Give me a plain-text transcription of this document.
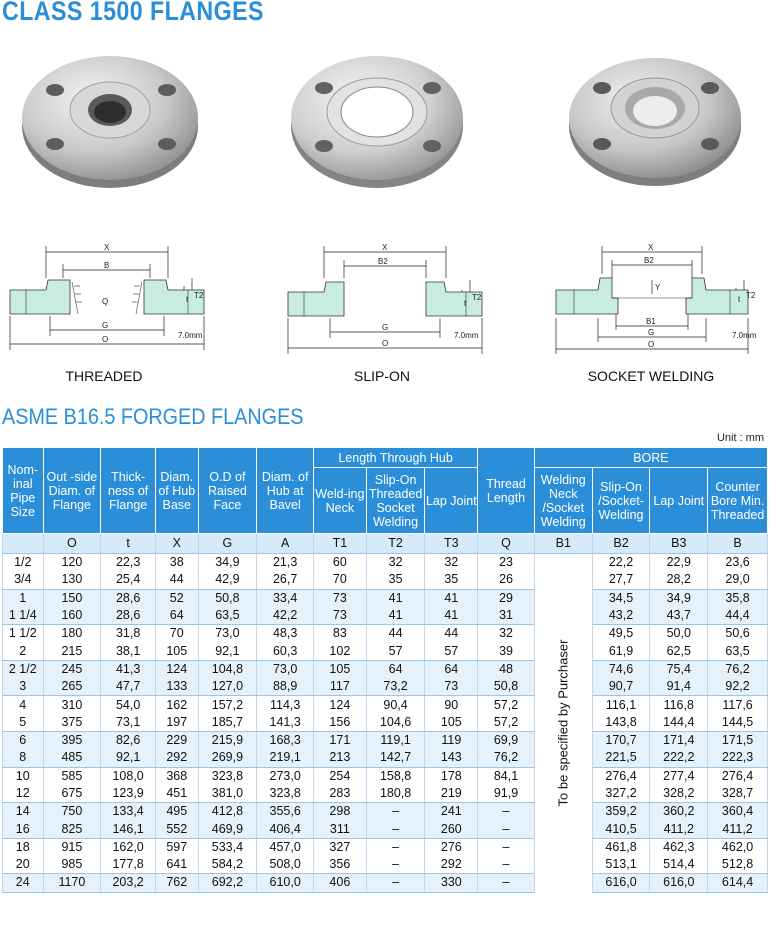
CLASS 1500 FLANGES
X
B
Q
G
O
t T2
7.0mm
X
B2
G
O
t
T2
7.0mm
X
B2
Y
B1
G
O
t T2
7.0mm
THREADED	SLIP-ON	SOCKET WELDING
ASME B16.5 FORGED FLANGES
Unit : mm
Nom-inal Pipe Size	Out -side Diam. of Flange	Thick-ness of Flange	Diam. of Hub Base	O.D of Raised Face	Diam. of Hub at Bavel	Length Through Hub			Thread Length	BORE			
						Weld-ing Neck	Slip-On Threaded Socket Welding	Lap Joint		Welding Neck /Socket Welding	Slip-On /Socket-Welding	Lap Joint	Counter Bore Min. Threaded
	O	t	X	G	A	T1	T2	T3	Q	B1	B2	B3	B
1/2	120	22,3	38	34,9	21,3	60	32	32	23	To be specified by Purchaser	22,2	22,9	23,6
3/4	130	25,4	44	42,9	26,7	70	35	35	26		27,7	28,2	29,0
1	150	28,6	52	50,8	33,4	73	41	41	29		34,5	34,9	35,8
1 1/4	160	28,6	64	63,5	42,2	73	41	41	31		43,2	43,7	44,4
1 1/2	180	31,8	70	73,0	48,3	83	44	44	32		49,5	50,0	50,6
2	215	38,1	105	92,1	60,3	102	57	57	39		61,9	62,5	63,5
2 1/2	245	41,3	124	104,8	73,0	105	64	64	48		74,6	75,4	76,2
3	265	47,7	133	127,0	88,9	117	73,2	73	50,8		90,7	91,4	92,2
4	310	54,0	162	157,2	114,3	124	90,4	90	57,2		116,1	116,8	117,6
5	375	73,1	197	185,7	141,3	156	104,6	105	57,2		143,8	144,4	144,5
6	395	82,6	229	215,9	168,3	171	119,1	119	69,9		170,7	171,4	171,5
8	485	92,1	292	269,9	219,1	213	142,7	143	76,2		221,5	222,2	222,3
10	585	108,0	368	323,8	273,0	254	158,8	178	84,1		276,4	277,4	276,4
12	675	123,9	451	381,0	323,8	283	180,8	219	91,9		327,2	328,2	328,7
14	750	133,4	495	412,8	355,6	298	–	241	–		359,2	360,2	360,4
16	825	146,1	552	469,9	406,4	311	–	260	–		410,5	411,2	411,2
18	915	162,0	597	533,4	457,0	327	–	276	–		461,8	462,3	462,0
20	985	177,8	641	584,2	508,0	356	–	292	–		513,1	514,4	512,8
24	1170	203,2	762	692,2	610,0	406	–	330	–		616,0	616,0	614,4
